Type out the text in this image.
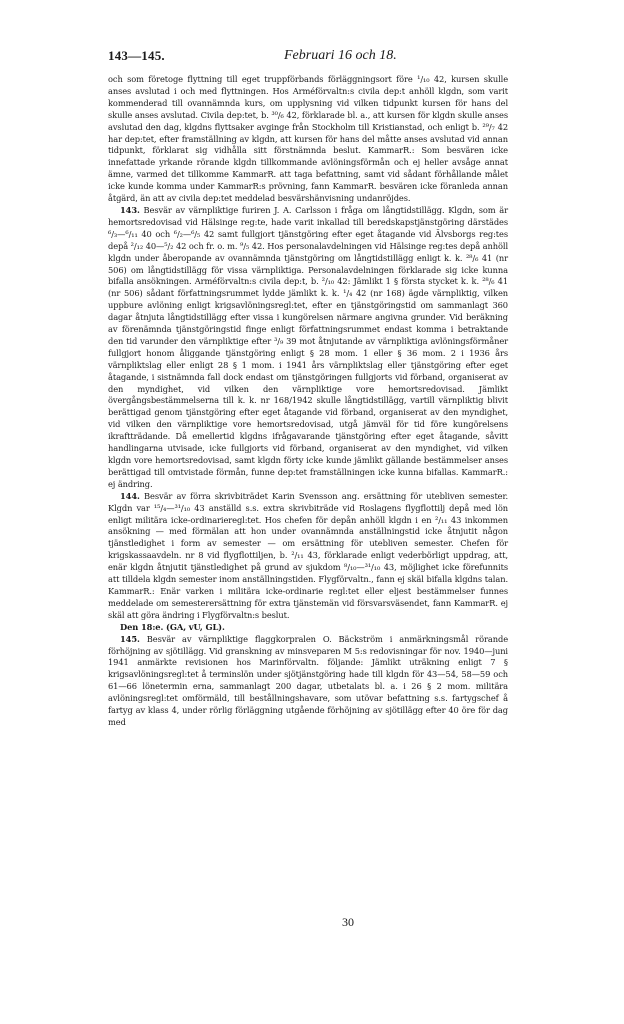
143—145.	Februari 16 och 18.

och som företoge flyttning till eget truppförbands förläggningsort före ¹/₁₀ 42, kursen skulle anses avslutad i och med flyttningen. Hos Arméförvaltn:s civila dep:t anhöll klgdn, som varit kommenderad till ovannämnda kurs, om upplysning vid vilken tidpunkt kursen för hans del skulle anses avslutad. Civila dep:tet, b. ³⁰/₆ 42, förklarade bl. a., att kursen för klgdn skulle anses avslutad den dag, klgdns flyttsaker avginge från Stockholm till Kristianstad, och enligt b. ²⁹/₇ 42 har dep:tet, efter framställning av klgdn, att kursen för hans del måtte anses avslutad vid annan tidpunkt, förklarat sig vidhålla sitt förstnämnda beslut. KammarR.: Som besvären icke innefattade yrkande rörande klgdn tillkommande avlöningsförmån och ej heller avsåge annat ämne, varmed det tillkomme KammarR. att taga befattning, samt vid sådant förhållande målet icke kunde komma under KammarR:s prövning, fann KammarR. besvären icke föranleda annan åtgärd, än att av civila dep:tet meddelad besvärshänvisning undanröjdes.

143. Besvär av värnpliktige furiren J. A. Carlsson i fråga om långtidstillägg. Klgdn, som är hemortsredovisad vid Hälsinge reg:te, hade varit inkallad till beredskapstjänstgöring därstädes ⁶/₃—⁶/₁₁ 40 och ⁶/₂—⁶/₅ 42 samt fullgjort tjänstgöring efter eget åtagande vid Älvsborgs reg:tes depå ²/₁₂ 40—⁵/₂ 42 och fr. o. m. ⁹/₅ 42. Hos personalavdelningen vid Hälsinge reg:tes depå anhöll klgdn under åberopande av ovannämnda tjänstgöring om långtidstillägg enligt k. k. ²⁸/₆ 41 (nr 506) om långtidstillägg för vissa värnpliktiga. Personalavdelningen förklarade sig icke kunna bifalla ansökningen. Arméförvaltn:s civila dep:t, b. ²/₁₀ 42: Jämlikt 1 § första stycket k. k. ²⁸/₆ 41 (nr 506) sådant författningsrummet lydde jämlikt k. k. ¹/₄ 42 (nr 168) ägde värnpliktig, vilken uppbure avlöning enligt krigsavlöningsregl:tet, efter en tjänstgöringstid om sammanlagt 360 dagar åtnjuta långtidstillägg efter vissa i kungörelsen närmare angivna grunder. Vid beräkning av förenämnda tjänstgöringstid finge enligt författningsrummet endast komma i betraktande den tid varunder den värnpliktige efter ³/₉ 39 mot åtnjutande av värnpliktiga avlöningsförmåner fullgjort honom åliggande tjänstgöring enligt § 28 mom. 1 eller § 36 mom. 2 i 1936 års värnpliktslag eller enligt 28 § 1 mom. i 1941 års värnpliktslag eller tjänstgöring efter eget åtagande, i sistnämnda fall dock endast om tjänstgöringen fullgjorts vid förband, organiserat av den myndighet, vid vilken den värnpliktige vore hemortsredovisad. Jämlikt övergångsbestämmelserna till k. k. nr 168/1942 skulle långtidstillägg, vartill värnpliktig blivit berättigad genom tjänstgöring efter eget åtagande vid förband, organiserat av den myndighet, vid vilken den värnpliktige vore hemortsredovisad, utgå jämväl för tid före kungörelsens ikraftträdande. Då emellertid klgdns ifrågavarande tjänstgöring efter eget åtagande, såvitt handlingarna utvisade, icke fullgjorts vid förband, organiserat av den myndighet, vid vilken klgdn vore hemortsredovisad, samt klgdn förty icke kunde jämlikt gällande bestämmelser anses berättigad till omtvistade förmån, funne dep:tet framställningen icke kunna bifallas. KammarR.: ej ändring.

144. Besvär av förra skrivbiträdet Karin Svensson ang. ersättning för utebliven semester. Klgdn var ¹⁵/₄—³¹/₁₀ 43 anställd s.s. extra skrivbiträde vid Roslagens flygflottilj depå med lön enligt militära icke-ordinarieregl:tet. Hos chefen för depån anhöll klgdn i en ²/₁₁ 43 inkommen ansökning — med förmälan att hon under ovannämnda anställningstid icke åtnjutit någon tjänstledighet i form av semester — om ersättning för utebliven semester. Chefen för krigskassaavdeln. nr 8 vid flygflottiljen, b. ²/₁₁ 43, förklarade enligt vederbörligt uppdrag, att, enär klgdn åtnjutit tjänstledighet på grund av sjukdom ⁸/₁₀—³¹/₁₀ 43, möjlighet icke förefunnits att tilldela klgdn semester inom anställningstiden. Flygförvaltn., fann ej skäl bifalla klgdns talan. KammarR.: Enär varken i militära icke-ordinarie regl:tet eller eljest bestämmelser funnes meddelade om semesterersättning för extra tjänstemän vid försvarsväsendet, fann KammarR. ej skäl att göra ändring i Flygförvaltn:s beslut.

Den 18:e. (GA, vU, GL).

145. Besvär av värnpliktige flaggkorpralen O. Bäckström i anmärkningsmål rörande förhöjning av sjötillägg. Vid granskning av minsveparen M 5:s redovisningar för nov. 1940—juni 1941 anmärkte revisionen hos Marinförvaltn. följande: Jämlikt uträkning enligt 7 § krigsavlöningsregl:tet å terminslön under sjötjänstgöring hade till klgdn för 43—54, 58—59 och 61—66 lönetermin erna, sammanlagt 200 dagar, utbetalats bl. a. i 26 § 2 mom. militära avlöningsregl:tet omförmäld, till bestållningshavare, som utövar befattning s.s. fartygschef å fartyg av klass 4, under rörlig förläggning utgående förhöjning av sjötillägg efter 40 öre för dag med

30
